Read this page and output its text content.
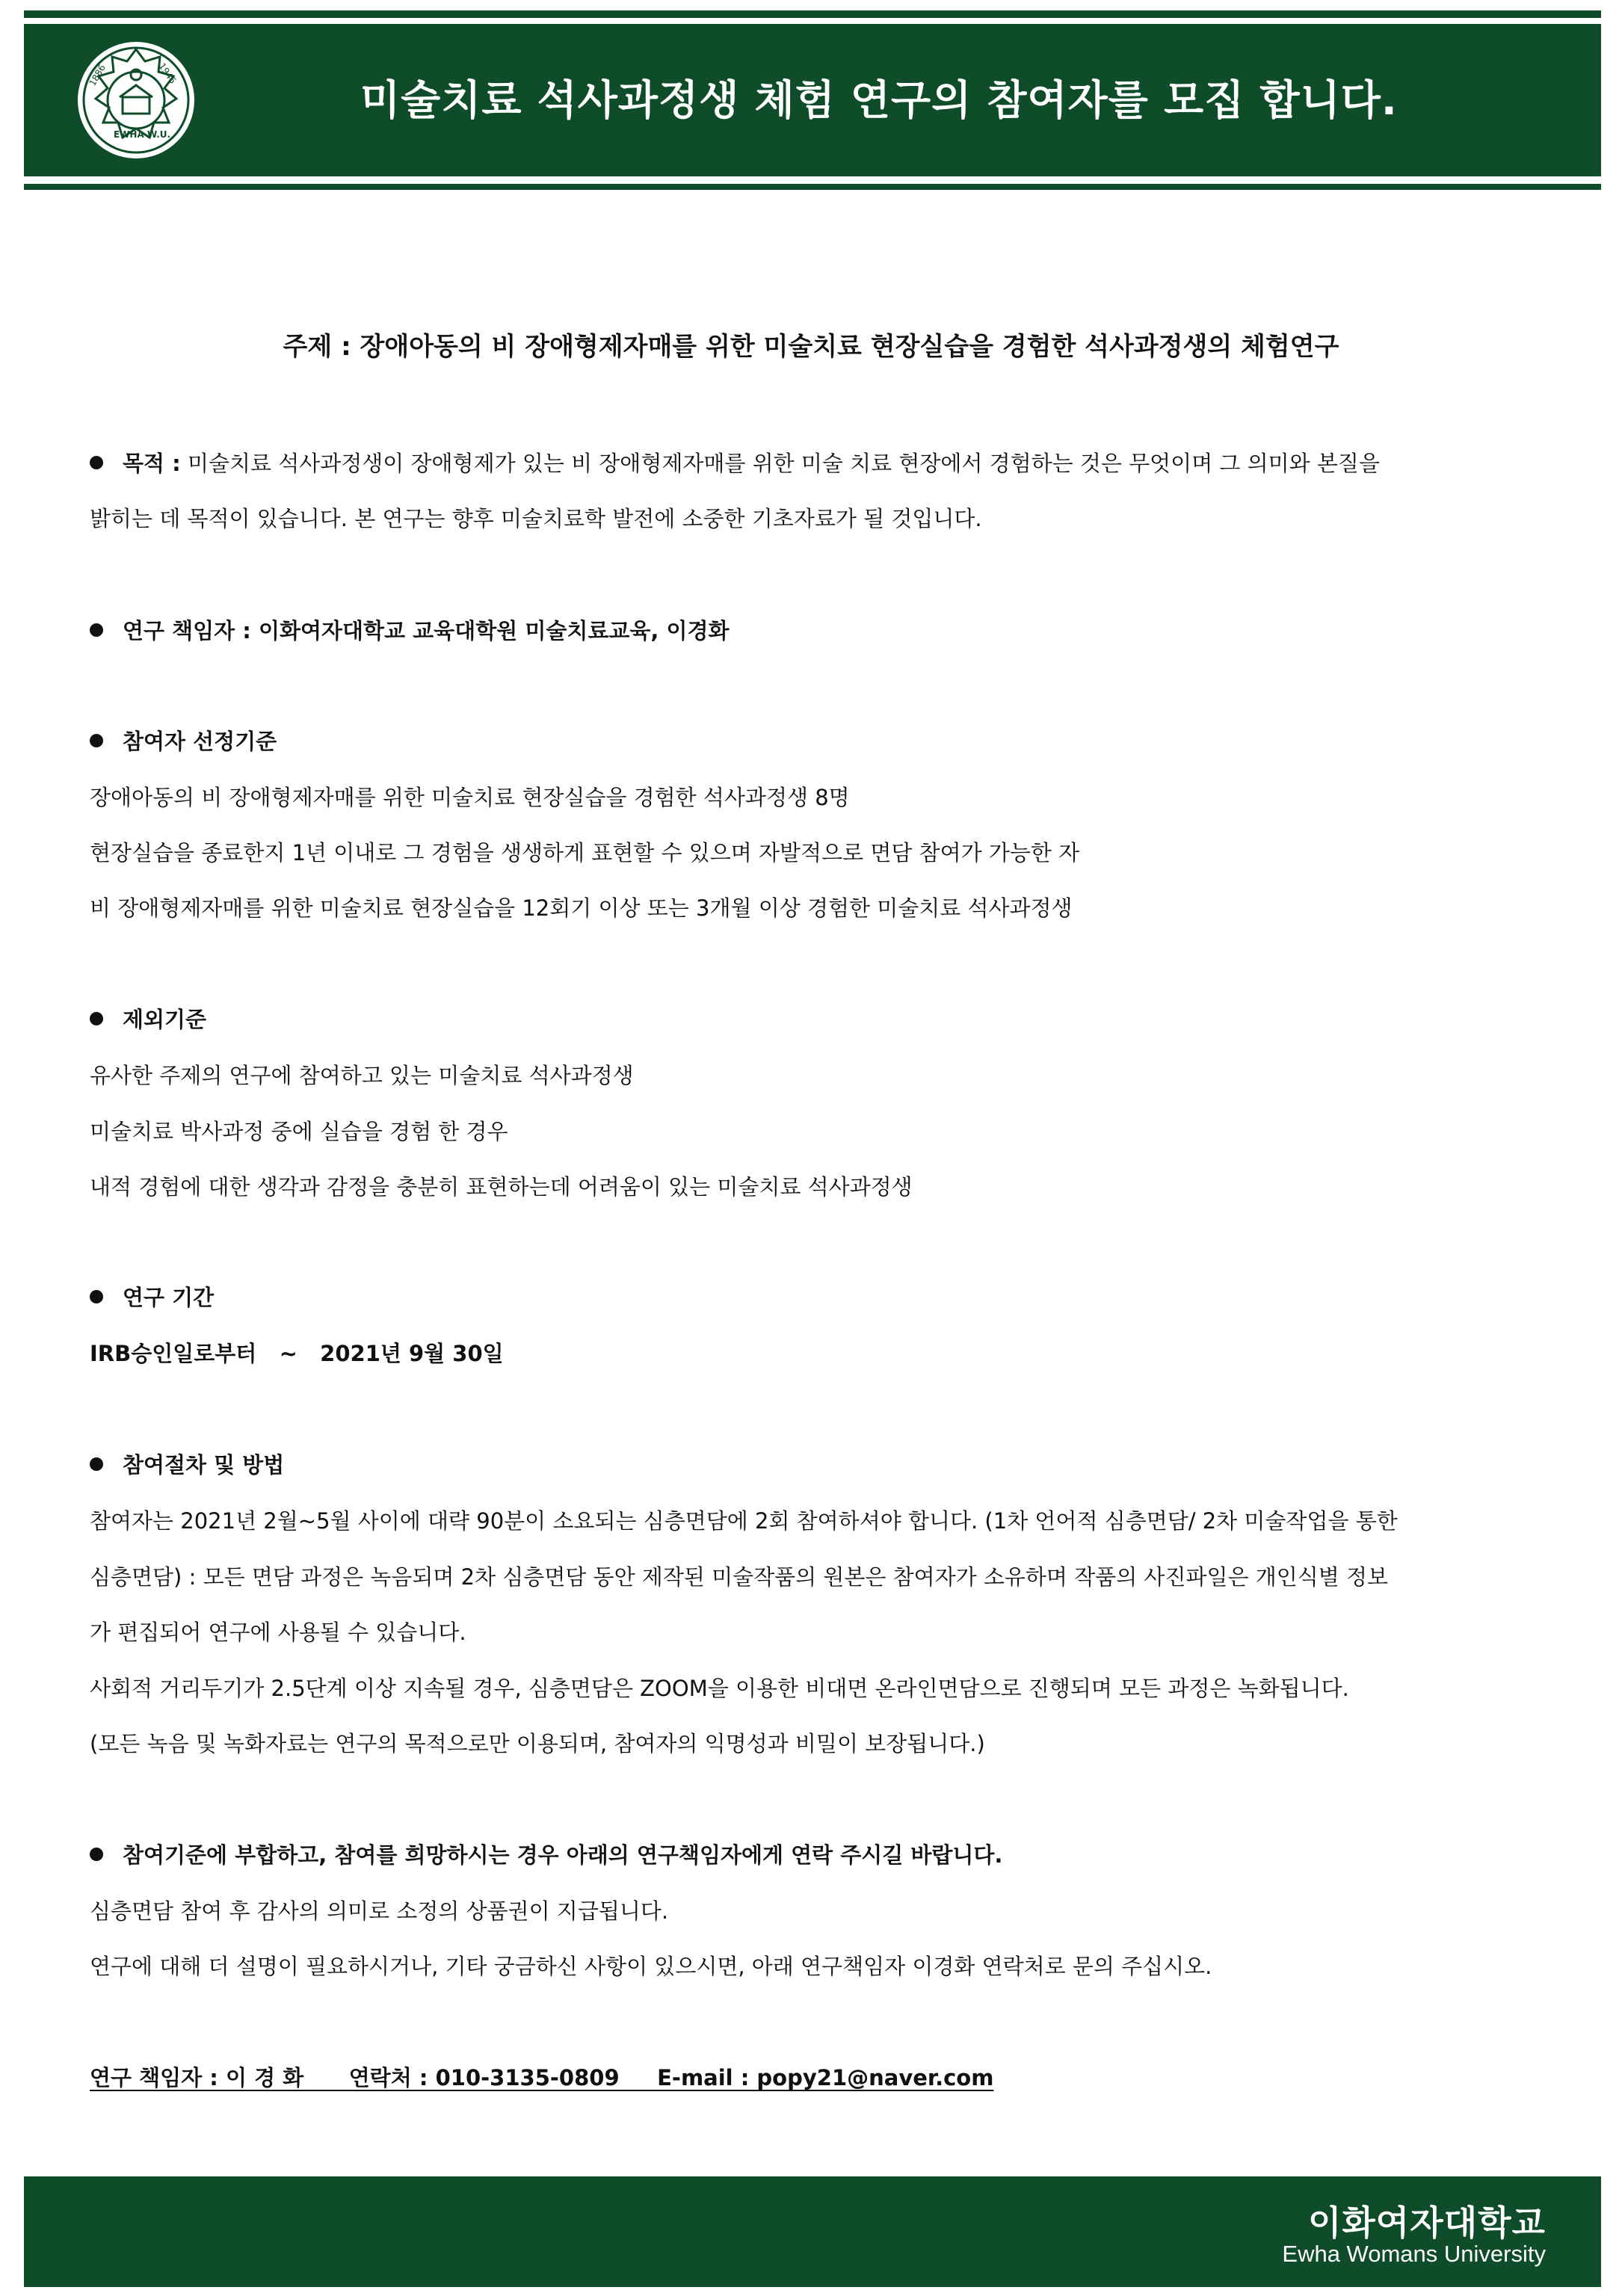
1886	1945
EWHA W.U.
미술치료 석사과정생 체험 연구의 참여자를 모집 합니다.
주제 : 장애아동의 비 장애형제자매를 위한 미술치료 현장실습을 경험한 석사과정생의 체험연구
목적 : 미술치료 석사과정생이 장애형제가 있는 비 장애형제자매를 위한 미술 치료 현장에서 경험하는 것은 무엇이며 그 의미와 본질을
밝히는 데 목적이 있습니다. 본 연구는 향후 미술치료학 발전에 소중한 기초자료가 될 것입니다.
연구 책임자 : 이화여자대학교 교육대학원 미술치료교육, 이경화
참여자 선정기준
장애아동의 비 장애형제자매를 위한 미술치료 현장실습을 경험한 석사과정생 8명
현장실습을 종료한지 1년 이내로 그 경험을 생생하게 표현할 수 있으며 자발적으로 면담 참여가 가능한 자
비 장애형제자매를 위한 미술치료 현장실습을 12회기 이상 또는 3개월 이상 경험한 미술치료 석사과정생
제외기준
유사한 주제의 연구에 참여하고 있는 미술치료 석사과정생
미술치료 박사과정 중에 실습을 경험 한 경우
내적 경험에 대한 생각과 감정을 충분히 표현하는데 어려움이 있는 미술치료 석사과정생
연구 기간
IRB승인일로부터   ~   2021년 9월 30일
참여절차 및 방법
참여자는 2021년 2월~5월 사이에 대략 90분이 소요되는 심층면담에 2회 참여하셔야 합니다. (1차 언어적 심층면담/ 2차 미술작업을 통한
심층면담) : 모든 면담 과정은 녹음되며 2차 심층면담 동안 제작된 미술작품의 원본은 참여자가 소유하며 작품의 사진파일은 개인식별 정보
가 편집되어 연구에 사용될 수 있습니다.
사회적 거리두기가 2.5단계 이상 지속될 경우, 심층면담은 ZOOM을 이용한 비대면 온라인면담으로 진행되며 모든 과정은 녹화됩니다.
(모든 녹음 및 녹화자료는 연구의 목적으로만 이용되며, 참여자의 익명성과 비밀이 보장됩니다.)
참여기준에 부합하고, 참여를 희망하시는 경우 아래의 연구책임자에게 연락 주시길 바랍니다.
심층면담 참여 후 감사의 의미로 소정의 상품권이 지급됩니다.
연구에 대해 더 설명이 필요하시거나, 기타 궁금하신 사항이 있으시면, 아래 연구책임자 이경화 연락처로 문의 주십시오.
연구 책임자 : 이 경 화      연락처 : 010-3135-0809     E-mail : popy21@naver.com
이화여자대학교
Ewha Womans University
